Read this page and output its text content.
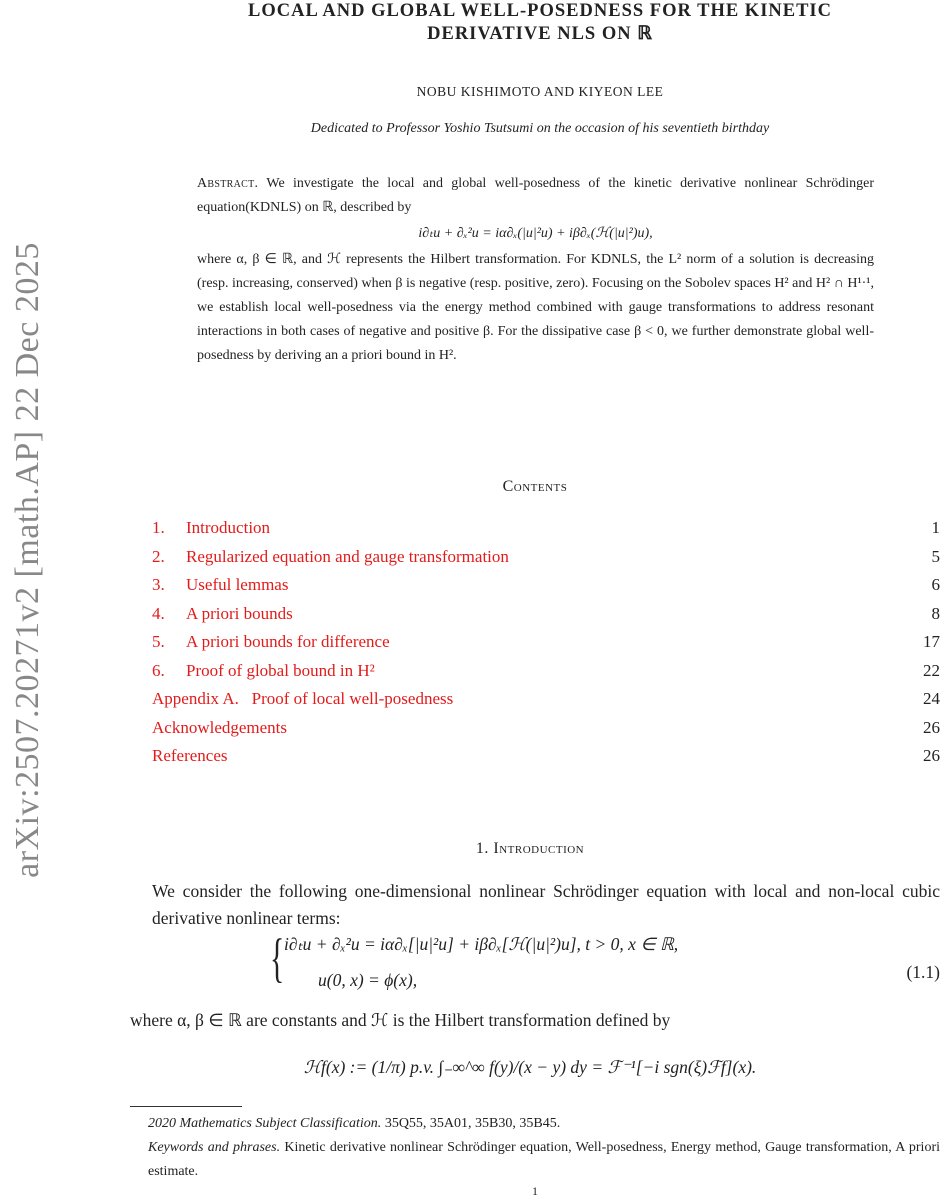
arXiv:2507.20271v2 [math.AP] 22 Dec 2025
LOCAL AND GLOBAL WELL-POSEDNESS FOR THE KINETIC
DERIVATIVE NLS ON ℝ
NOBU KISHIMOTO AND KIYEON LEE
Dedicated to Professor Yoshio Tsutsumi on the occasion of his seventieth birthday
Abstract. We investigate the local and global well-posedness of the kinetic derivative nonlinear Schrödinger equation(KDNLS) on ℝ, described by
i∂ₜu + ∂ₓ²u = iα∂ₓ(|u|²u) + iβ∂ₓ(ℋ(|u|²)u),
where α, β ∈ ℝ, and ℋ represents the Hilbert transformation. For KDNLS, the L² norm of a solution is decreasing (resp. increasing, conserved) when β is negative (resp. positive, zero). Focusing on the Sobolev spaces H² and H² ∩ H¹·¹, we establish local well-posedness via the energy method combined with gauge transformations to address resonant interactions in both cases of negative and positive β. For the dissipative case β < 0, we further demonstrate global well-posedness by deriving an a priori bound in H².
Contents
1. Introduction	1
2. Regularized equation and gauge transformation	5
3. Useful lemmas	6
4. A priori bounds	8
5. A priori bounds for difference	17
6. Proof of global bound in H²	22
Appendix A.   Proof of local well-posedness	24
Acknowledgements	26
References	26
1. Introduction
We consider the following one-dimensional nonlinear Schrödinger equation with local and non-local cubic derivative nonlinear terms:
{ i∂ₜu + ∂ₓ²u = iα∂ₓ[|u|²u] + iβ∂ₓ[ℋ(|u|²)u], t > 0, x ∈ ℝ,
u(0, x) = ϕ(x),	(1.1)
where α, β ∈ ℝ are constants and ℋ is the Hilbert transformation defined by
ℋf(x) := (1/π) p.v. ∫₋∞^∞ f(y)/(x − y) dy = ℱ⁻¹[−i sgn(ξ)ℱf](x).
2020 Mathematics Subject Classification. 35Q55, 35A01, 35B30, 35B45.
Keywords and phrases. Kinetic derivative nonlinear Schrödinger equation, Well-posedness, Energy method, Gauge transformation, A priori estimate.
1
